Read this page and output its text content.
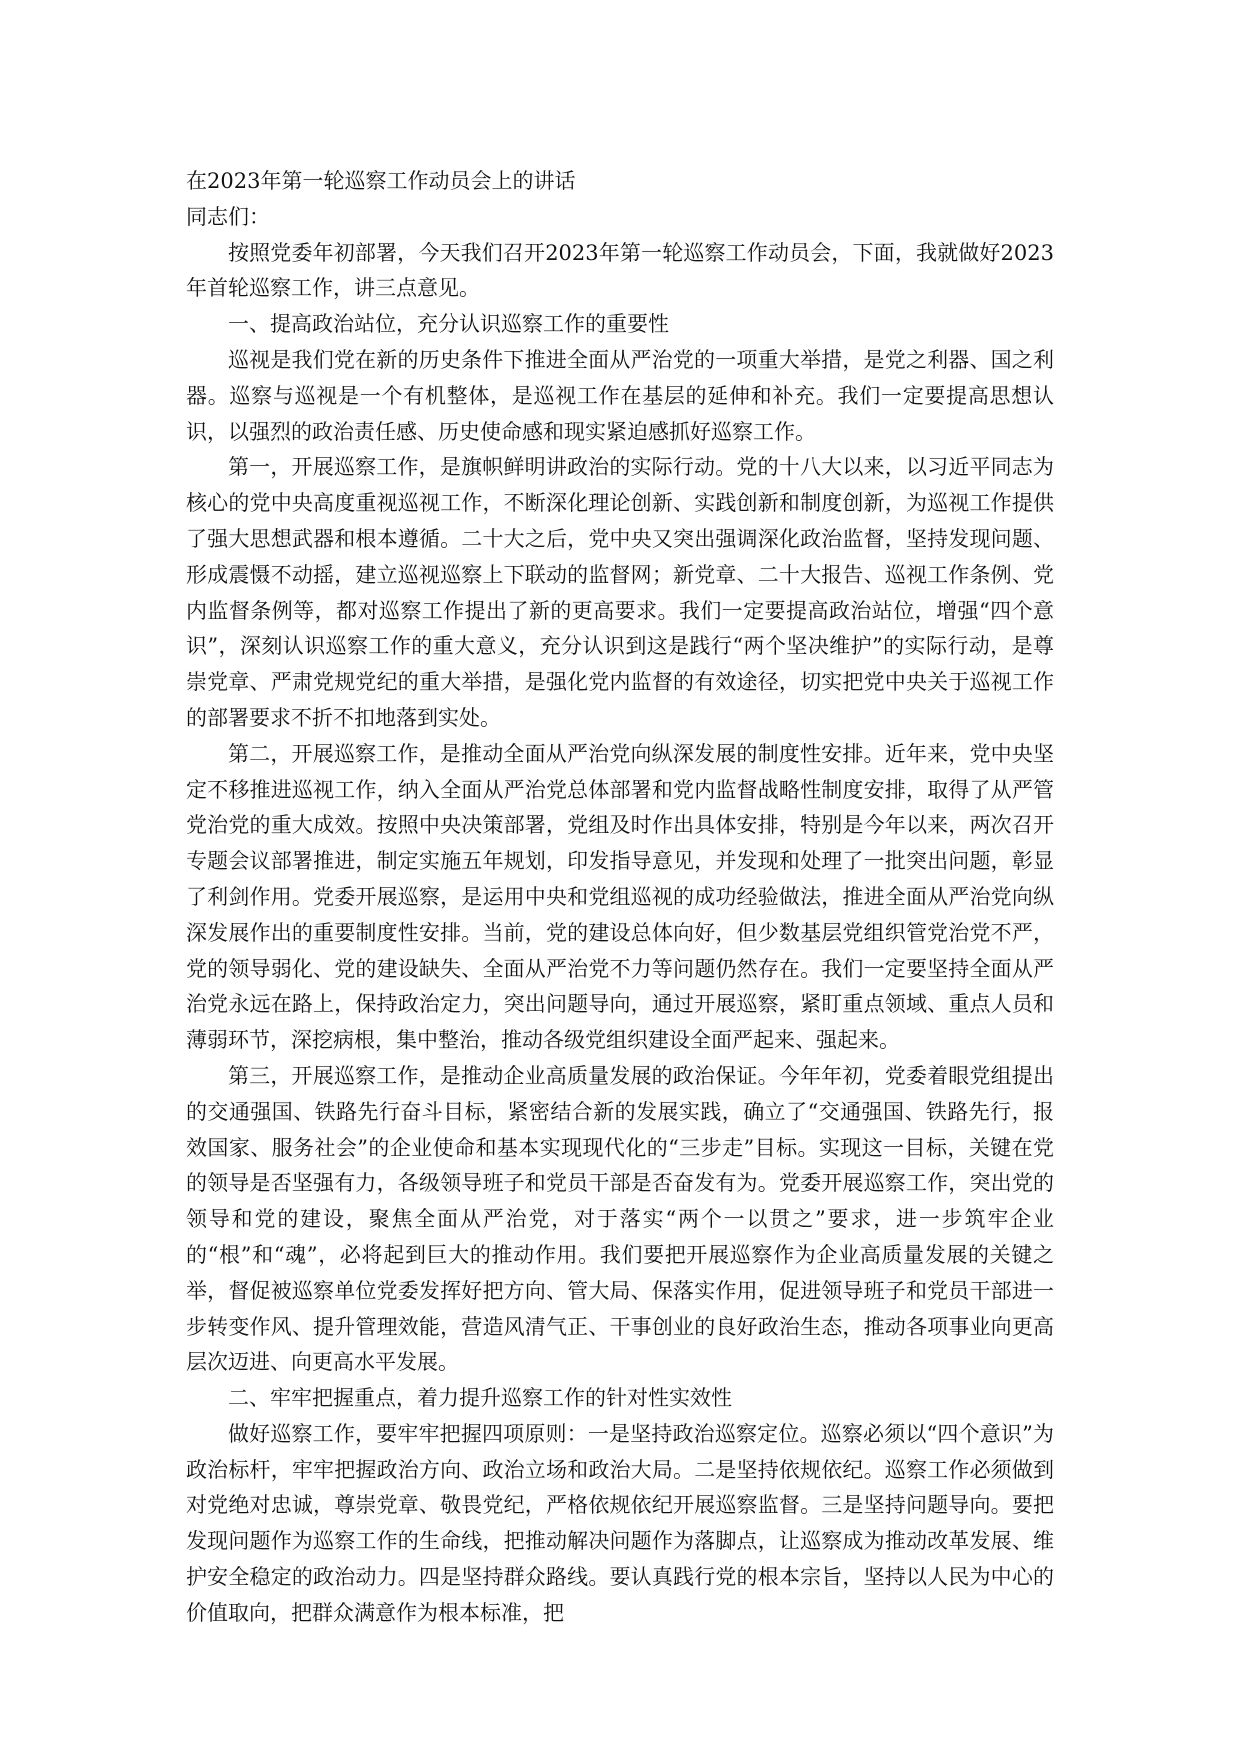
在2023年第一轮巡察工作动员会上的讲话

同志们：

按照党委年初部署，今天我们召开2023年第一轮巡察工作动员会，下面，我就做好2023年首轮巡察工作，讲三点意见。

一、提高政治站位，充分认识巡察工作的重要性

巡视是我们党在新的历史条件下推进全面从严治党的一项重大举措，是党之利器、国之利器。巡察与巡视是一个有机整体，是巡视工作在基层的延伸和补充。我们一定要提高思想认识，以强烈的政治责任感、历史使命感和现实紧迫感抓好巡察工作。

第一，开展巡察工作，是旗帜鲜明讲政治的实际行动。党的十八大以来，以习近平同志为核心的党中央高度重视巡视工作，不断深化理论创新、实践创新和制度创新，为巡视工作提供了强大思想武器和根本遵循。二十大之后，党中央又突出强调深化政治监督，坚持发现问题、形成震慑不动摇，建立巡视巡察上下联动的监督网；新党章、二十大报告、巡视工作条例、党内监督条例等，都对巡察工作提出了新的更高要求。我们一定要提高政治站位，增强“四个意识”，深刻认识巡察工作的重大意义，充分认识到这是践行“两个坚决维护”的实际行动，是尊崇党章、严肃党规党纪的重大举措，是强化党内监督的有效途径，切实把党中央关于巡视工作的部署要求不折不扣地落到实处。

第二，开展巡察工作，是推动全面从严治党向纵深发展的制度性安排。近年来，党中央坚定不移推进巡视工作，纳入全面从严治党总体部署和党内监督战略性制度安排，取得了从严管党治党的重大成效。按照中央决策部署，党组及时作出具体安排，特别是今年以来，两次召开专题会议部署推进，制定实施五年规划，印发指导意见，并发现和处理了一批突出问题，彰显了利剑作用。党委开展巡察，是运用中央和党组巡视的成功经验做法，推进全面从严治党向纵深发展作出的重要制度性安排。当前，党的建设总体向好，但少数基层党组织管党治党不严，党的领导弱化、党的建设缺失、全面从严治党不力等问题仍然存在。我们一定要坚持全面从严治党永远在路上，保持政治定力，突出问题导向，通过开展巡察，紧盯重点领域、重点人员和薄弱环节，深挖病根，集中整治，推动各级党组织建设全面严起来、强起来。

第三，开展巡察工作，是推动企业高质量发展的政治保证。今年年初，党委着眼党组提出的交通强国、铁路先行奋斗目标，紧密结合新的发展实践，确立了“交通强国、铁路先行，报效国家、服务社会”的企业使命和基本实现现代化的“三步走”目标。实现这一目标，关键在党的领导是否坚强有力，各级领导班子和党员干部是否奋发有为。党委开展巡察工作，突出党的领导和党的建设，聚焦全面从严治党，对于落实“两个一以贯之”要求，进一步筑牢企业的“根”和“魂”，必将起到巨大的推动作用。我们要把开展巡察作为企业高质量发展的关键之举，督促被巡察单位党委发挥好把方向、管大局、保落实作用，促进领导班子和党员干部进一步转变作风、提升管理效能，营造风清气正、干事创业的良好政治生态，推动各项事业向更高层次迈进、向更高水平发展。

二、牢牢把握重点，着力提升巡察工作的针对性实效性

做好巡察工作，要牢牢把握四项原则：一是坚持政治巡察定位。巡察必须以“四个意识”为政治标杆，牢牢把握政治方向、政治立场和政治大局。二是坚持依规依纪。巡察工作必须做到对党绝对忠诚，尊崇党章、敬畏党纪，严格依规依纪开展巡察监督。三是坚持问题导向。要把发现问题作为巡察工作的生命线，把推动解决问题作为落脚点，让巡察成为推动改革发展、维护安全稳定的政治动力。四是坚持群众路线。要认真践行党的根本宗旨，坚持以人民为中心的价值取向，把群众满意作为根本标准，把
